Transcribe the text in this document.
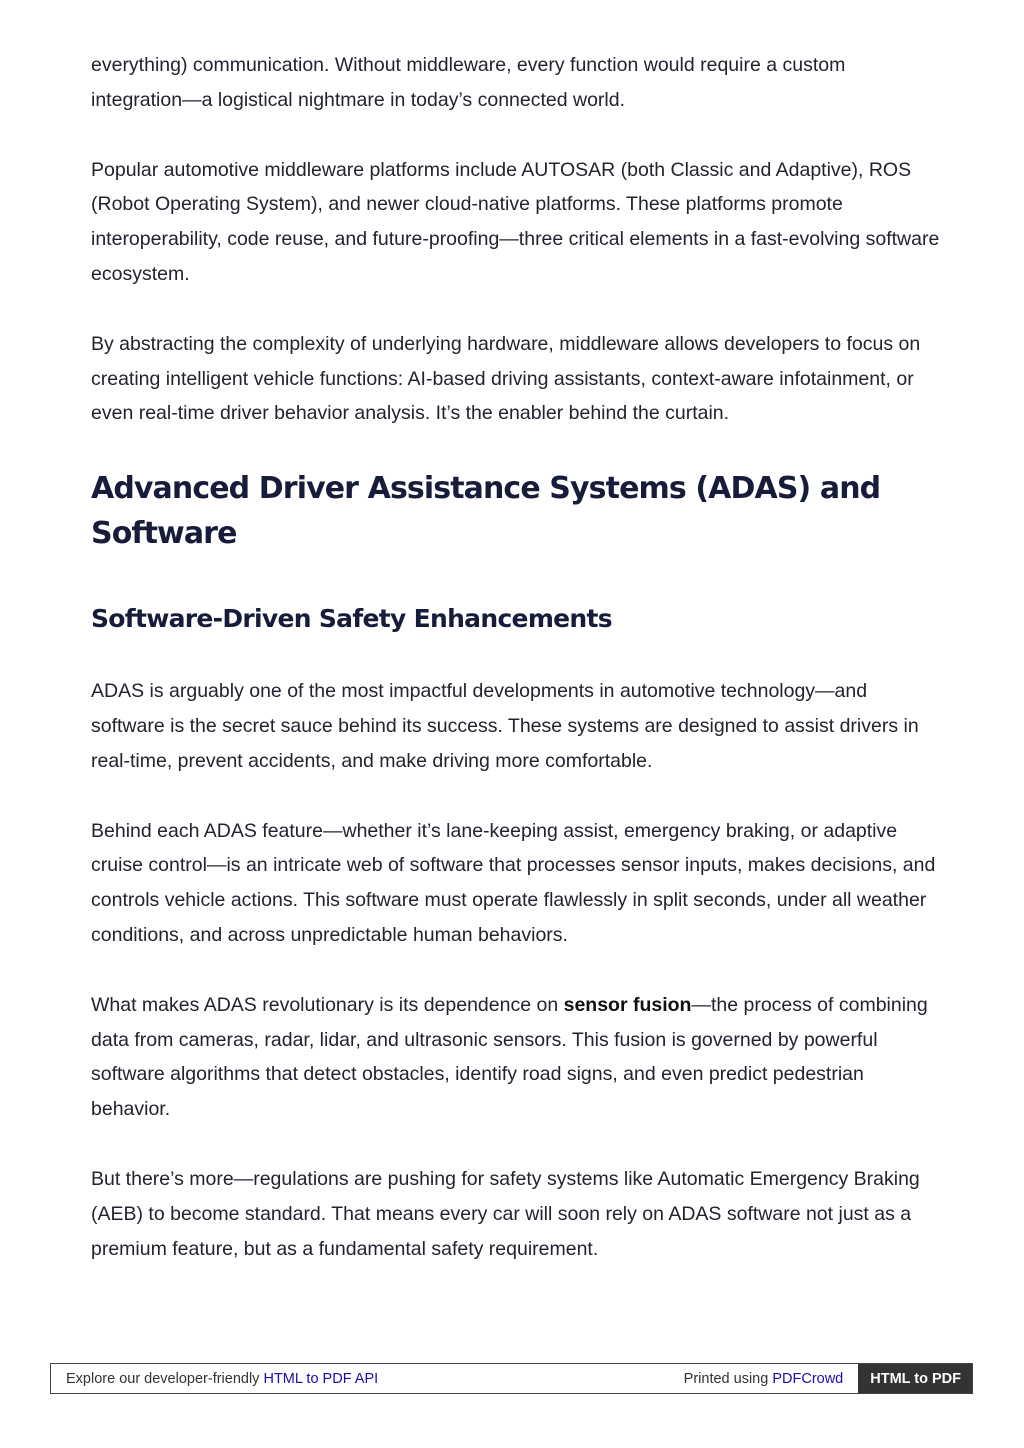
everything) communication. Without middleware, every function would require a custom integration—a logistical nightmare in today’s connected world.

Popular automotive middleware platforms include AUTOSAR (both Classic and Adaptive), ROS (Robot Operating System), and newer cloud-native platforms. These platforms promote interoperability, code reuse, and future-proofing—three critical elements in a fast-evolving software ecosystem.

By abstracting the complexity of underlying hardware, middleware allows developers to focus on creating intelligent vehicle functions: AI-based driving assistants, context-aware infotainment, or even real-time driver behavior analysis. It’s the enabler behind the curtain.

Advanced Driver Assistance Systems (ADAS) and Software
Software-Driven Safety Enhancements

ADAS is arguably one of the most impactful developments in automotive technology—and software is the secret sauce behind its success. These systems are designed to assist drivers in real-time, prevent accidents, and make driving more comfortable.

Behind each ADAS feature—whether it’s lane-keeping assist, emergency braking, or adaptive cruise control—is an intricate web of software that processes sensor inputs, makes decisions, and controls vehicle actions. This software must operate flawlessly in split seconds, under all weather conditions, and across unpredictable human behaviors.

What makes ADAS revolutionary is its dependence on sensor fusion—the process of combining data from cameras, radar, lidar, and ultrasonic sensors. This fusion is governed by powerful software algorithms that detect obstacles, identify road signs, and even predict pedestrian behavior.

But there’s more—regulations are pushing for safety systems like Automatic Emergency Braking (AEB) to become standard. That means every car will soon rely on ADAS software not just as a premium feature, but as a fundamental safety requirement.

Explore our developer-friendly HTML to PDF API	Printed using PDFCrowd	HTML to PDF
